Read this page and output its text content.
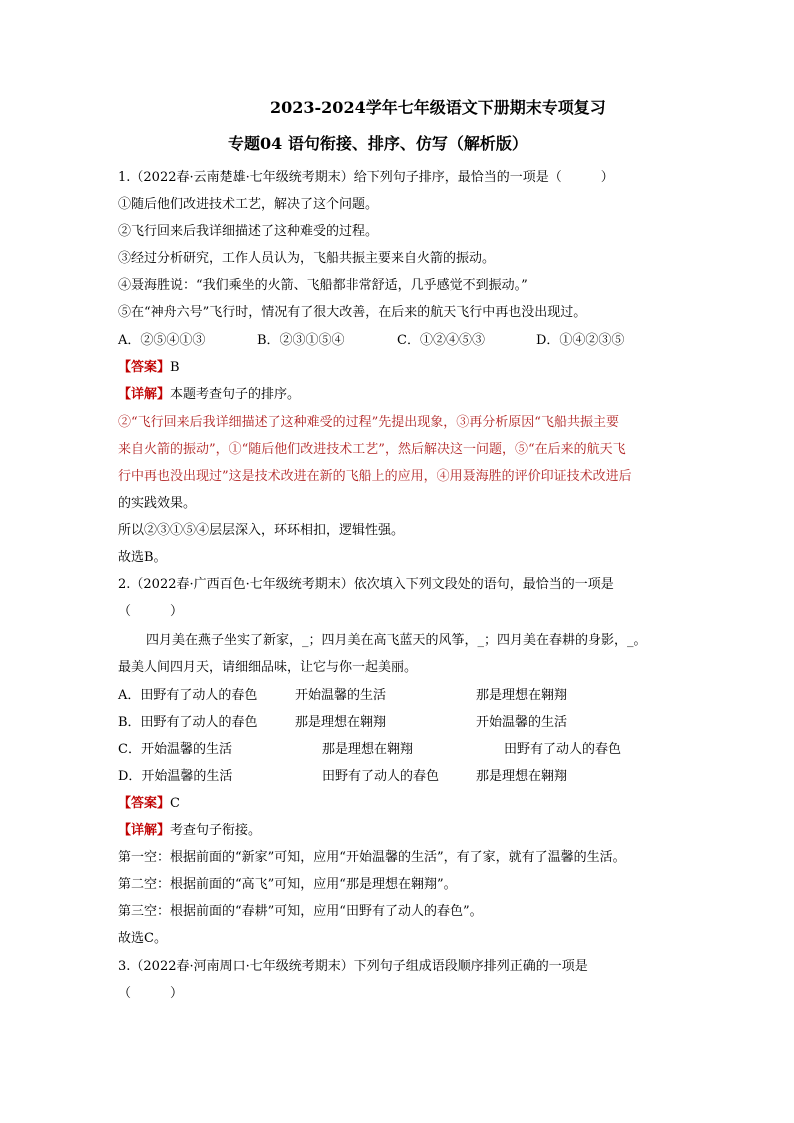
2023-2024学年七年级语文下册期末专项复习
专题04 语句衔接、排序、仿写（解析版）
1.（2022春·云南楚雄·七年级统考期末）给下列句子排序，最恰当的一项是（　　　）
①随后他们改进技术工艺，解决了这个问题。
②飞行回来后我详细描述了这种难受的过程。
③经过分析研究，工作人员认为，飞船共振主要来自火箭的振动。
④聂海胜说：“我们乘坐的火箭、飞船都非常舒适，几乎感觉不到振动。”
⑤在“神舟六号”飞行时，情况有了很大改善，在后来的航天飞行中再也没出现过。
A．②⑤④①③	B．②③①⑤④	C．①②④⑤③	D．①④②③⑤
【答案】B
【详解】本题考查句子的排序。
②“飞行回来后我详细描述了这种难受的过程”先提出现象，③再分析原因“飞船共振主要
来自火箭的振动”，①“随后他们改进技术工艺”，然后解决这一问题，⑤“在后来的航天飞
行中再也没出现过”这是技术改进在新的飞船上的应用，④用聂海胜的评价印证技术改进后
的实践效果。
所以②③①⑤④层层深入，环环相扣，逻辑性强。
故选B。
2.（2022春·广西百色·七年级统考期末）依次填入下列文段处的语句，最恰当的一项是
（　　　）
四月美在燕子坐实了新家，_；四月美在高飞蓝天的风筝，_；四月美在春耕的身影，_。
最美人间四月天，请细细品味，让它与你一起美丽。
A．田野有了动人的春色	开始温馨的生活	那是理想在翱翔
B．田野有了动人的春色	那是理想在翱翔	开始温馨的生活
C．开始温馨的生活	那是理想在翱翔	田野有了动人的春色
D．开始温馨的生活	田野有了动人的春色	那是理想在翱翔
【答案】C
【详解】考查句子衔接。
第一空：根据前面的“新家”可知，应用“开始温馨的生活”，有了家，就有了温馨的生活。
第二空：根据前面的“高飞”可知，应用“那是理想在翱翔”。
第三空：根据前面的“春耕”可知，应用“田野有了动人的春色”。
故选C。
3.（2022春·河南周口·七年级统考期末）下列句子组成语段顺序排列正确的一项是
（　　　）
